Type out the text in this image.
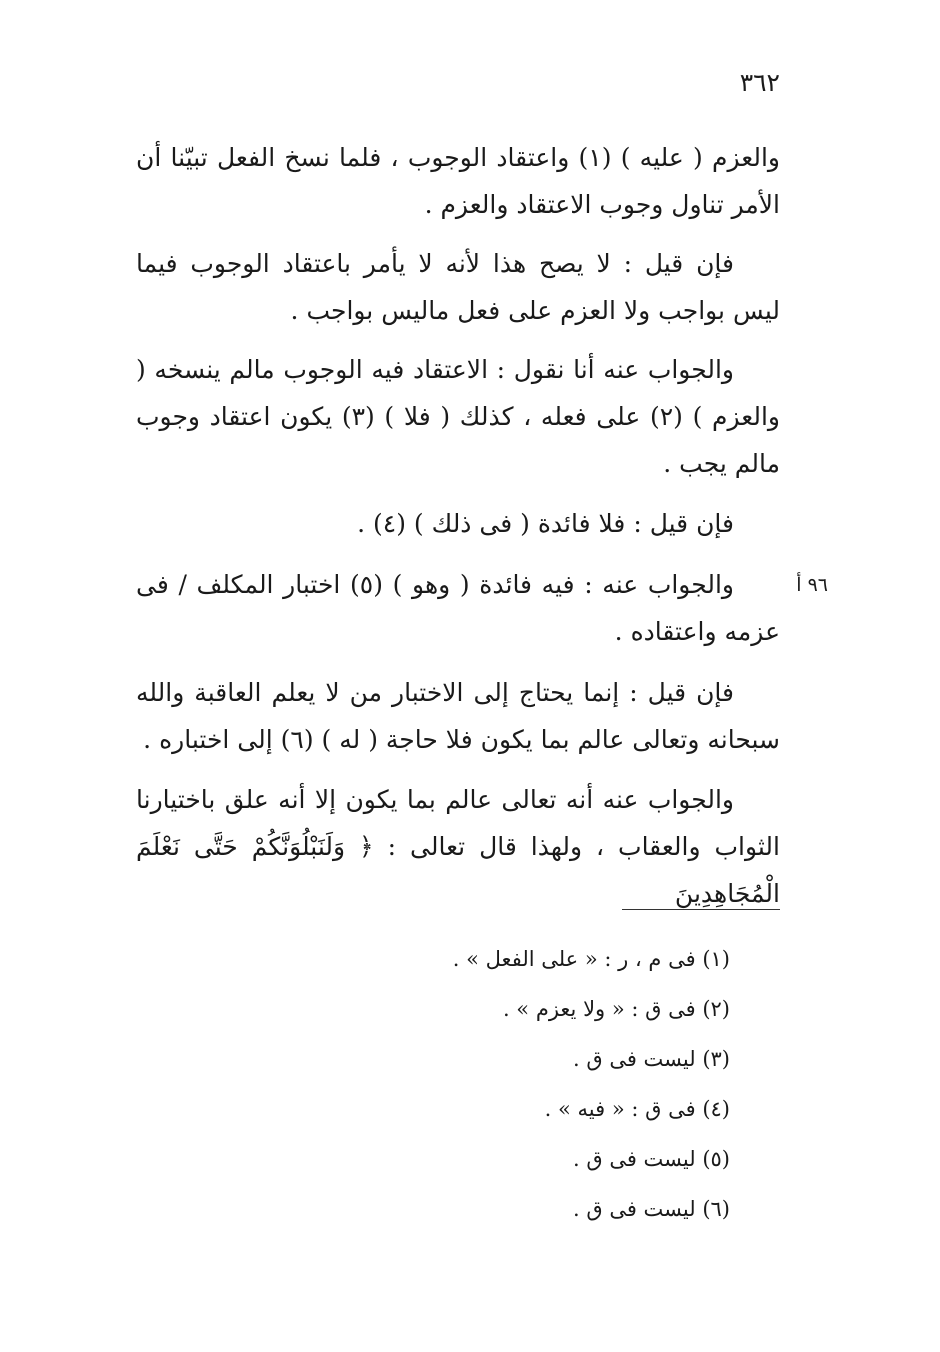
٣٦٢
والعزم ( عليه ) (١) واعتقاد الوجوب ، فلما نسخ الفعل تبيّنا أن الأمر تناول وجوب الاعتقاد والعزم .
فإن قيل : لا يصح هذا لأنه لا يأمر باعتقاد الوجوب فيما ليس بواجب ولا العزم على فعل ماليس بواجب .
والجواب عنه أنا نقول : الاعتقاد فيه الوجوب مالم ينسخه ( والعزم ) (٢) على فعله ، كذلك ( فلا ) (٣) يكون اعتقاد وجوب مالم يجب .
فإن قيل : فلا فائدة ( فى ذلك ) (٤) .
والجواب عنه : فيه فائدة ( وهو ) (٥) اختبار المكلف / فى عزمه واعتقاده .
٩٦ أ
فإن قيل : إنما يحتاج إلى الاختبار من لا يعلم العاقبة والله سبحانه وتعالى عالم بما يكون فلا حاجة ( له ) (٦) إلى اختباره .
والجواب عنه أنه تعالى عالم بما يكون إلا أنه علق باختيارنا الثواب والعقاب ، ولهذا قال تعالى : ﴿ وَلَنَبْلُوَنَّكُمْ حَتَّى نَعْلَمَ الْمُجَاهِدِينَ
(١) فى م ، ر : « على الفعل » .
(٢) فى ق : « ولا يعزم » .
(٣) ليست فى ق .
(٤) فى ق : « فيه » .
(٥) ليست فى ق .
(٦) ليست فى ق .
